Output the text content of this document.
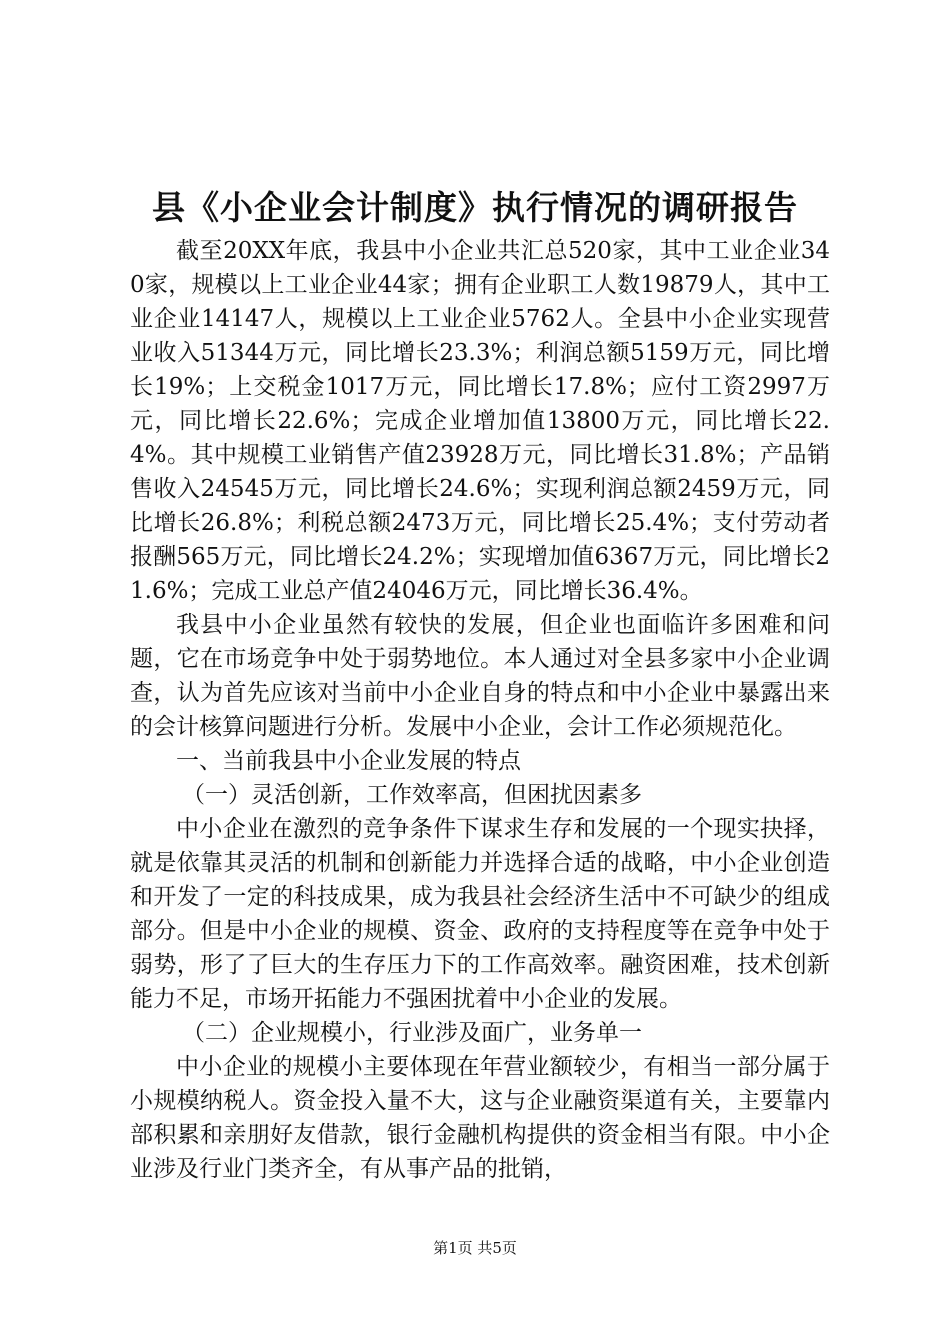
县《小企业会计制度》执行情况的调研报告

截至20XX年底，我县中小企业共汇总520家，其中工业企业340家，规模以上工业企业44家；拥有企业职工人数19879人，其中工业企业14147人，规模以上工业企业5762人。全县中小企业实现营业收入51344万元，同比增长23.3%；利润总额5159万元，同比增长19%；上交税金1017万元，同比增长17.8%；应付工资2997万元，同比增长22.6%；完成企业增加值13800万元，同比增长22.4%。其中规模工业销售产值23928万元，同比增长31.8%；产品销售收入24545万元，同比增长24.6%；实现利润总额2459万元，同比增长26.8%；利税总额2473万元，同比增长25.4%；支付劳动者报酬565万元，同比增长24.2%；实现增加值6367万元，同比增长21.6%；完成工业总产值24046万元，同比增长36.4%。

我县中小企业虽然有较快的发展，但企业也面临许多困难和问题，它在市场竞争中处于弱势地位。本人通过对全县多家中小企业调查，认为首先应该对当前中小企业自身的特点和中小企业中暴露出来的会计核算问题进行分析。发展中小企业，会计工作必须规范化。

一、当前我县中小企业发展的特点

（一）灵活创新，工作效率高，但困扰因素多

中小企业在激烈的竞争条件下谋求生存和发展的一个现实抉择，就是依靠其灵活的机制和创新能力并选择合适的战略，中小企业创造和开发了一定的科技成果，成为我县社会经济生活中不可缺少的组成部分。但是中小企业的规模、资金、政府的支持程度等在竞争中处于弱势，形了了巨大的生存压力下的工作高效率。融资困难，技术创新能力不足，市场开拓能力不强困扰着中小企业的发展。

（二）企业规模小，行业涉及面广，业务单一

中小企业的规模小主要体现在年营业额较少，有相当一部分属于小规模纳税人。资金投入量不大，这与企业融资渠道有关，主要靠内部积累和亲朋好友借款，银行金融机构提供的资金相当有限。中小企业涉及行业门类齐全，有从事产品的批销，

第1页 共5页
